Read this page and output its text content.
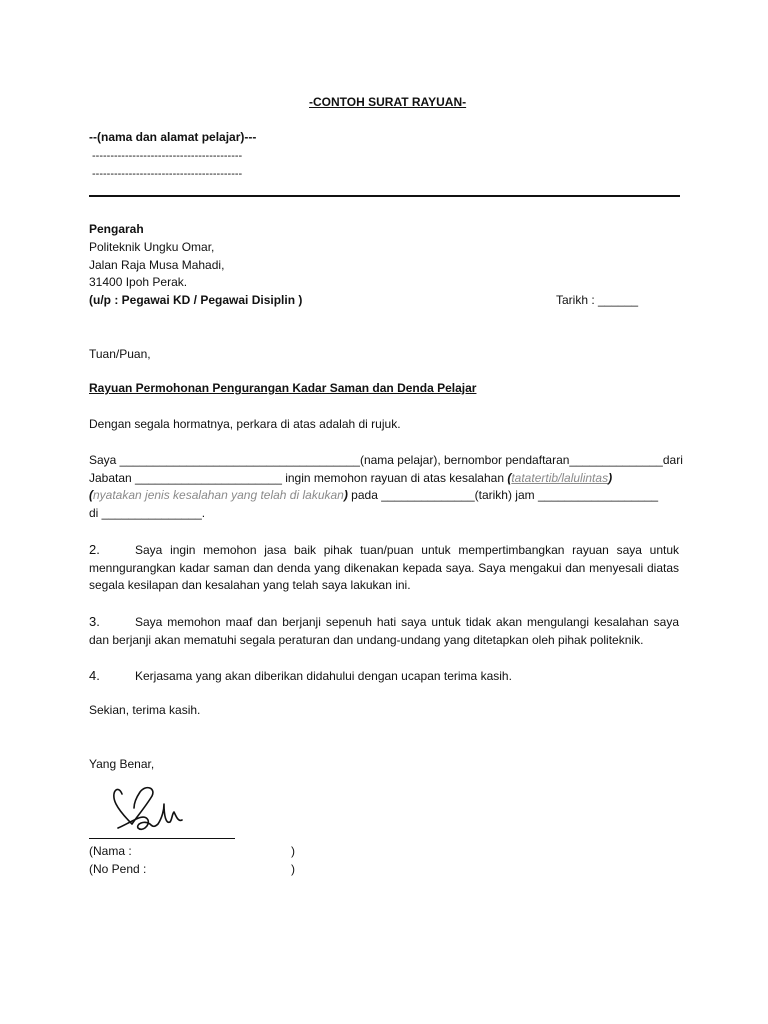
-CONTOH SURAT RAYUAN-
--(nama dan alamat pelajar)---
-----------------------------------------
-----------------------------------------
Pengarah
Politeknik Ungku Omar,
Jalan Raja Musa Mahadi,
31400 Ipoh Perak.
(u/p : Pegawai KD / Pegawai Disiplin )	Tarikh : ______
Tuan/Puan,
Rayuan Permohonan Pengurangan Kadar Saman dan Denda Pelajar
Dengan segala hormatnya, perkara di atas adalah di rujuk.
Saya ____________________________________(nama pelajar), bernombor pendaftaran______________dari
Jabatan ______________________ ingin memohon rayuan di atas kesalahan (tatatertib/lalulintas)
(nyatakan jenis kesalahan yang telah di lakukan) pada ______________(tarikh) jam __________________
di _______________.
2.	Saya ingin memohon jasa baik pihak tuan/puan untuk mempertimbangkan rayuan saya untuk menngurangkan kadar saman dan denda yang dikenakan kepada saya. Saya mengakui dan menyesali diatas segala kesilapan dan kesalahan yang telah saya lakukan ini.
3.	Saya memohon maaf dan berjanji sepenuh hati saya untuk tidak akan mengulangi kesalahan saya dan berjanji akan mematuhi segala peraturan dan undang-undang yang ditetapkan oleh pihak politeknik.
4.	Kerjasama yang akan diberikan didahului dengan ucapan terima kasih.
Sekian, terima kasih.
Yang Benar,
(Nama :	)
(No Pend :	)
